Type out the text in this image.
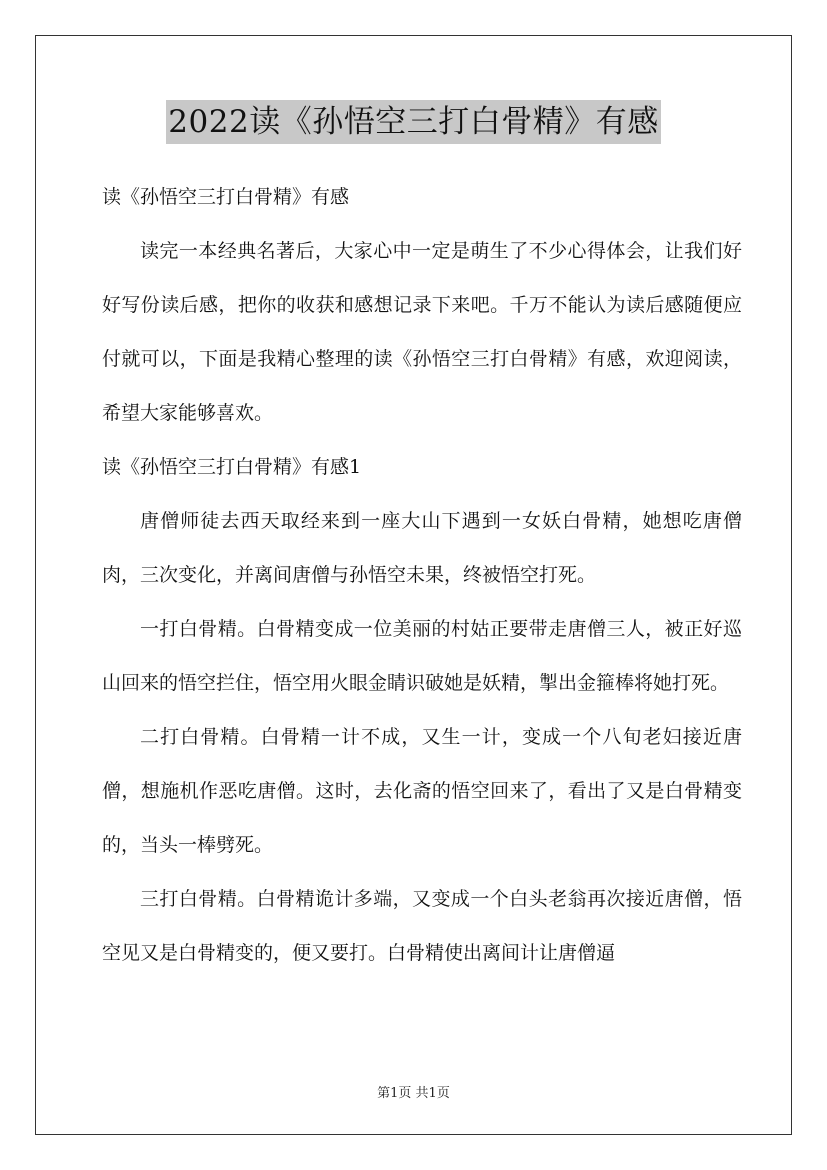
2022读《孙悟空三打白骨精》有感

读《孙悟空三打白骨精》有感

读完一本经典名著后，大家心中一定是萌生了不少心得体会，让我们好好写份读后感，把你的收获和感想记录下来吧。千万不能认为读后感随便应付就可以，下面是我精心整理的读《孙悟空三打白骨精》有感，欢迎阅读，希望大家能够喜欢。

读《孙悟空三打白骨精》有感1

唐僧师徒去西天取经来到一座大山下遇到一女妖白骨精，她想吃唐僧肉，三次变化，并离间唐僧与孙悟空未果，终被悟空打死。

一打白骨精。白骨精变成一位美丽的村姑正要带走唐僧三人，被正好巡山回来的悟空拦住，悟空用火眼金睛识破她是妖精，掣出金箍棒将她打死。

二打白骨精。白骨精一计不成，又生一计，变成一个八旬老妇接近唐僧，想施机作恶吃唐僧。这时，去化斋的悟空回来了，看出了又是白骨精变的，当头一棒劈死。

三打白骨精。白骨精诡计多端，又变成一个白头老翁再次接近唐僧，悟空见又是白骨精变的，便又要打。白骨精使出离间计让唐僧逼

第1页 共1页
